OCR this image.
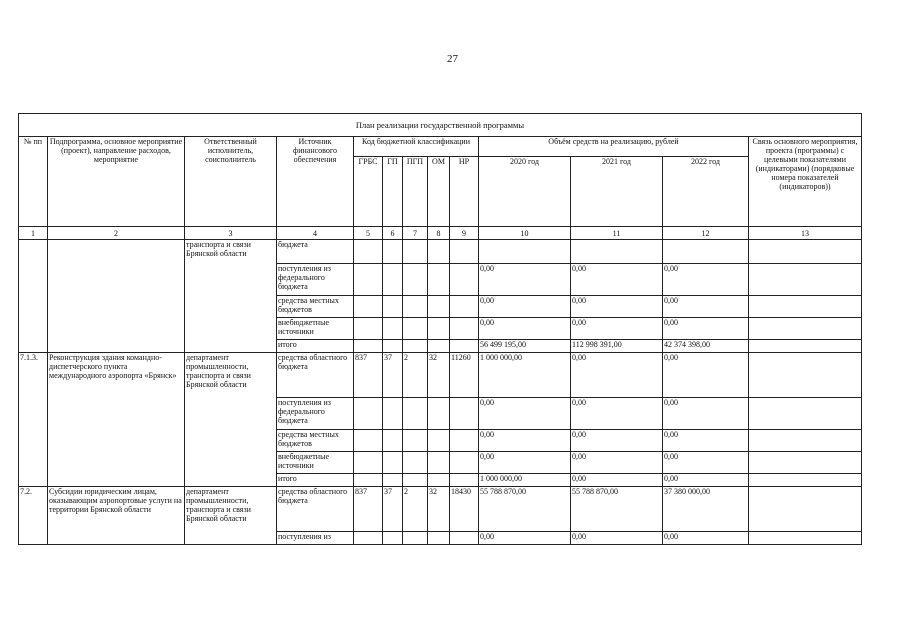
27
План реализации государственной программы												
№ пп	Подпрограмма, основное мероприятие (проект), направление расходов, мероприятие	Ответственный исполнитель, соисполнитель	Источник финансового обеспечения	Код бюджетной классификации					Объём средств на реализацию, рублей			Связь основного мероприятия, проекта (программы) с целевыми показателями (индикаторами) (порядковые номера показателей (индикаторов))
				ГРБС	ГП	ПГП	ОМ	НР	2020 год	2021 год	2022 год	
1	2	3	4	5	6	7	8	9	10	11	12	13
		транспорта и связи Брянской области	бюджета									
			поступления из федерального бюджета						0,00	0,00	0,00	
			средства местных бюджетов						0,00	0,00	0,00	
			внебюджетные источники						0,00	0,00	0,00	
			итого						56 499 195,00	112 998 391,00	42 374 398,00	
7.1.3.	Реконструкция здания командно-диспетчерского пункта международного аэропорта «Брянск»	департамент промышленности, транспорта и связи Брянской области	средства областного бюджета	837	37	2	32	11260	1 000 000,00	0,00	0,00	
			поступления из федерального бюджета						0,00	0,00	0,00	
			средства местных бюджетов						0,00	0,00	0,00	
			внебюджетные источники						0,00	0,00	0,00	
			итого						1 000 000,00	0,00	0,00	
7.2.	Субсидии юридическим лицам, оказывающим аэропортовые услуги на территории Брянской области	департамент промышленности, транспорта и связи Брянской области	средства областного бюджета	837	37	2	32	18430	55 788 870,00	55 788 870,00	37 380 000,00	
			поступления из						0,00	0,00	0,00	
